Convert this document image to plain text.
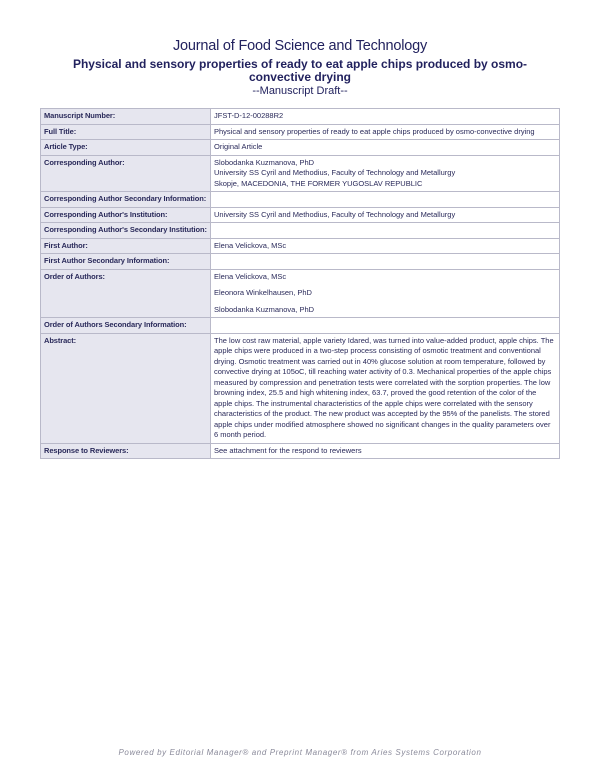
Journal of Food Science and Technology
Physical and sensory properties of ready to eat apple chips produced by osmo-convective drying
--Manuscript Draft--
Manuscript Number:	JFST-D-12-00288R2
Full Title:	Physical and sensory properties of ready to eat apple chips produced by osmo-convective drying
Article Type:	Original Article
Corresponding Author:	Slobodanka Kuzmanova, PhD
University SS Cyril and Methodius, Faculty of Technology and Metallurgy
Skopje, MACEDONIA, THE FORMER YUGOSLAV REPUBLIC

Corresponding Author Secondary Information:	
Corresponding Author's Institution:	University SS Cyril and Methodius, Faculty of Technology and Metallurgy
Corresponding Author's Secondary Institution:	
First Author:	Elena Velickova, MSc
First Author Secondary Information:	
Order of Authors:	Elena Velickova, MSc
Eleonora Winkelhausen, PhD
Slobodanka Kuzmanova, PhD

Order of Authors Secondary Information:	
Abstract:	The low cost raw material, apple variety Idared, was turned into value-added product, apple chips. The apple chips were produced in a two-step process consisting of osmotic treatment and conventional drying. Osmotic treatment was carried out in 40% glucose solution at room temperature, followed by convective drying at 105oC, till reaching water activity of 0.3. Mechanical properties of the apple chips measured by compression and penetration tests were correlated with the sorption properties. The low browning index, 25.5 and high whitening index, 63.7, proved the good retention of the color of the apple chips. The instrumental characteristics of the apple chips were correlated with the sensory characteristics of the product. The new product was accepted by the 95% of the panelists. The stored apple chips under modified atmosphere showed no significant changes in the quality parameters over 6 month period.
Response to Reviewers:	See attachment for the respond to reviewers
Powered by Editorial Manager® and Preprint Manager® from Aries Systems Corporation
